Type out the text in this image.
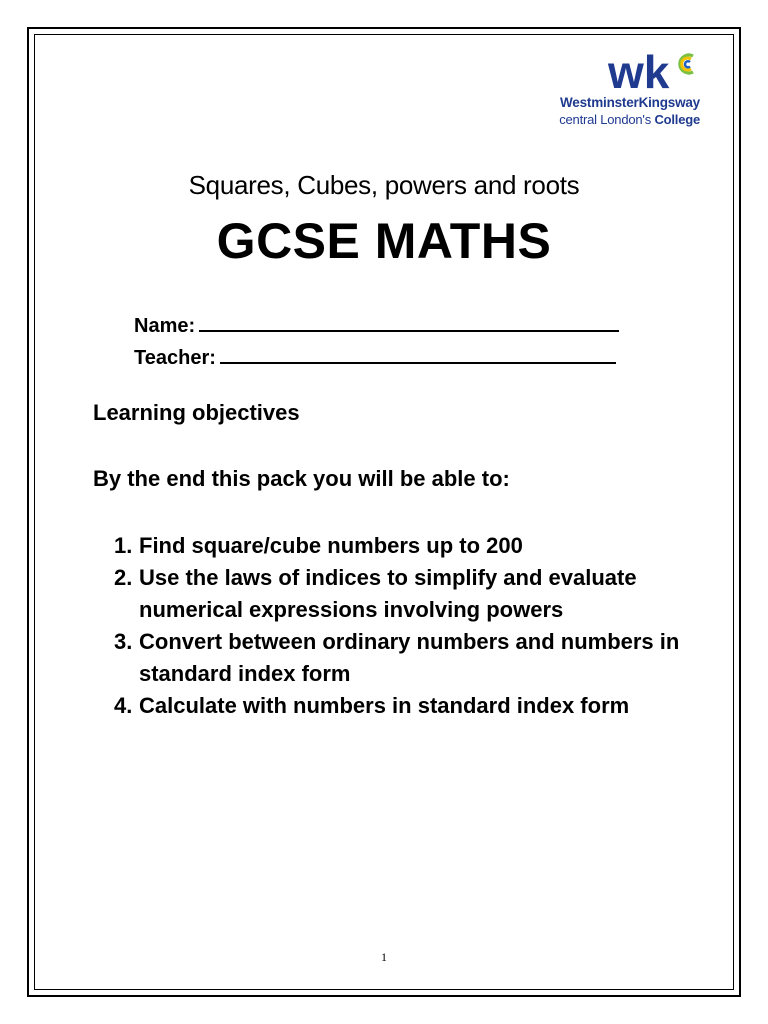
wk
WestminsterKingsway
central London's College
Squares, Cubes, powers and roots
GCSE MATHS
Name:
Teacher:
Learning objectives
By the end this pack you will be able to:
1. Find square/cube numbers up to 200
2. Use the laws of indices to simplify and evaluate numerical expressions involving powers
3. Convert between ordinary numbers and numbers in standard index form
4. Calculate with numbers in standard index form
1
